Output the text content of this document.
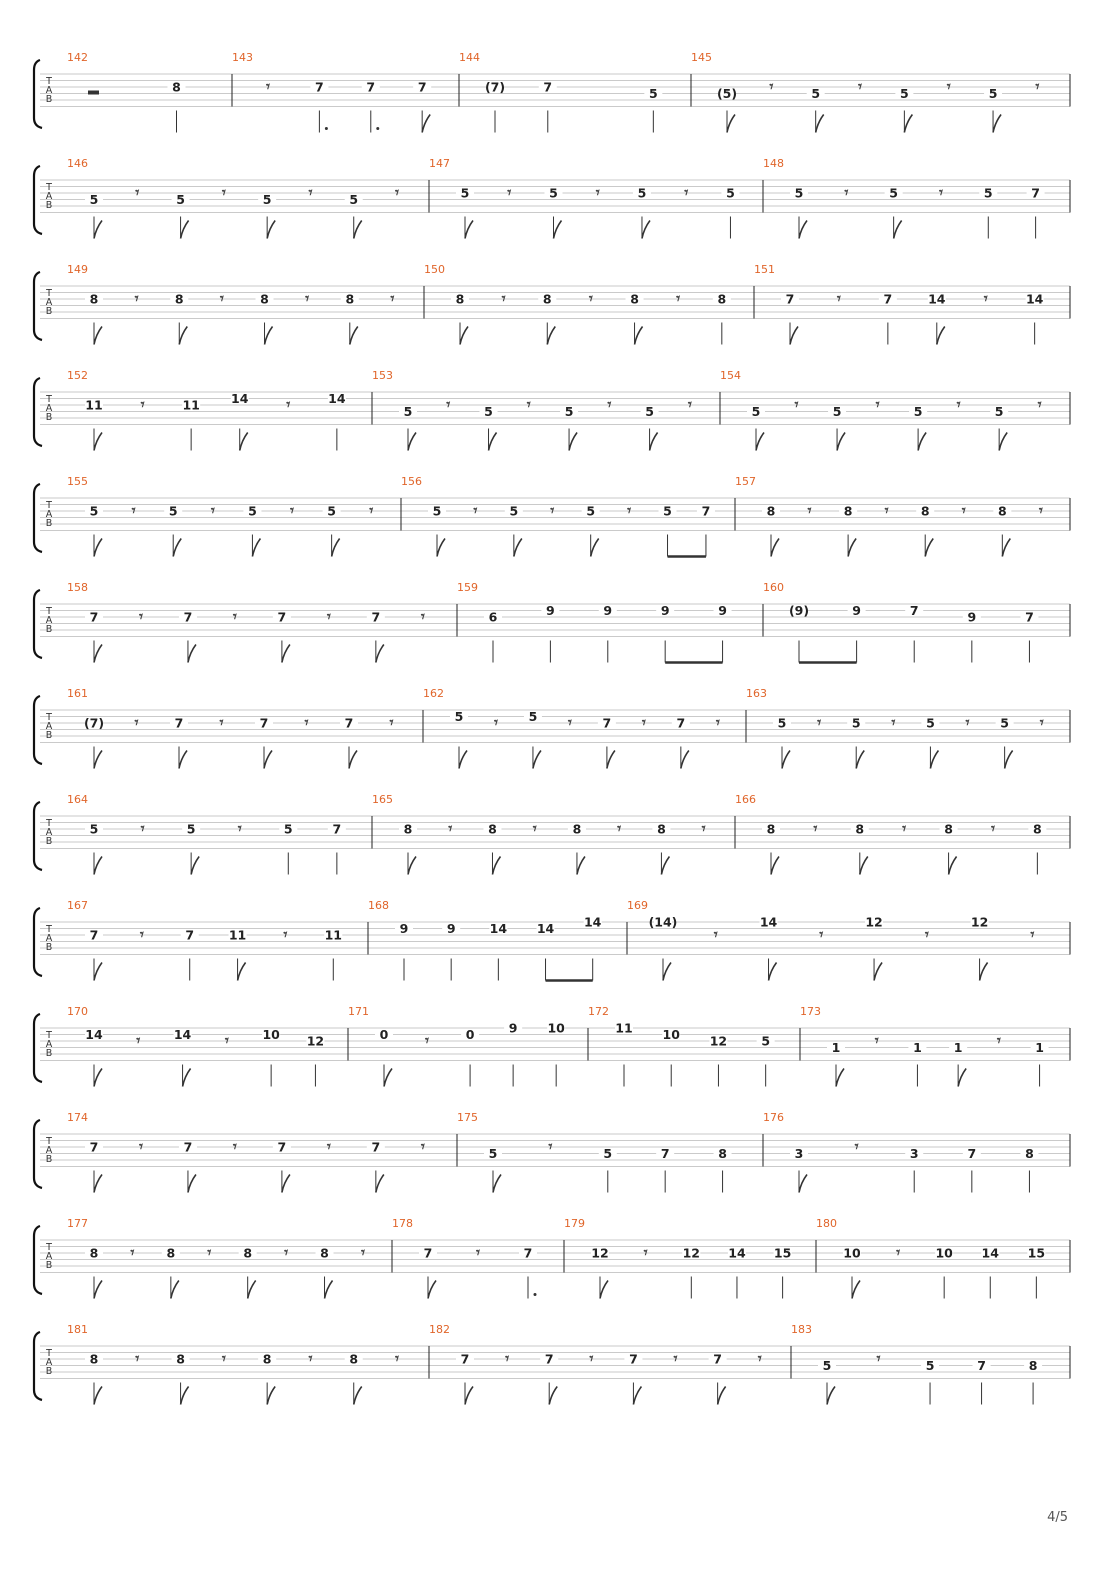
T
A
B
142
8
143
𝄾	7	7	7
144
(7)	7	5
145
(5) 𝄾	5	𝄾	5	𝄾	5	𝄾
T
A
B
146
5 𝄾	5 𝄾	5 𝄾	5 𝄾
147
5	𝄾	5	𝄾	5	𝄾	5
148
5	𝄾	5	𝄾	5	7
T
A
B
149
8 𝄾	8 𝄾	8 𝄾	8 𝄾
150
8 𝄾	8 𝄾	8 𝄾	8
151
7	𝄾	7	14	𝄾	14
T
A
B
152
11	𝄾	11 14	𝄾	14
153
5 𝄾	5 𝄾	5 𝄾	5 𝄾
154
5 𝄾	5 𝄾	5 𝄾	5 𝄾
T
A
B
155
5 𝄾	5 𝄾	5 𝄾	5 𝄾
156
5 𝄾	5 𝄾	5 𝄾	5 7
157
8 𝄾	8 𝄾	8 𝄾	8 𝄾
T
A
B
158
7	𝄾	7	𝄾	7	𝄾	7	𝄾
159
6	9	9	9	9
160
(9)	9	7	9	7
T
A
B
161
(7) 𝄾	7 𝄾	7 𝄾	7 𝄾
162
5 𝄾 5 𝄾 7 𝄾 7 𝄾
163
5 𝄾 5 𝄾 5 𝄾 5 𝄾
T
A
B
164
5	𝄾	5	𝄾	5	7
165
8 𝄾	8 𝄾	8 𝄾	8 𝄾
166
8	𝄾	8	𝄾	8	𝄾	8
T
A
B
167
7	𝄾	7	11 𝄾	11
168
9	9	14 14 14
169
(14)
𝄾
14
𝄾
12
𝄾
12
𝄾
T
A
B
170
14 𝄾	14 𝄾	10 12
171
0 𝄾	0	9 10
172
11 10 12	5
173
1 𝄾	1	1 𝄾	1
T
A
B
174
7	𝄾	7	𝄾	7	𝄾	7	𝄾
175
5	𝄾	5	7	8
176
3	𝄾	3	7	8
T
A
B
177
8 𝄾	8 𝄾	8 𝄾	8 𝄾
178
7	𝄾	7
179
12 𝄾	12 14 15
180
10 𝄾	10 14 15
T
A
B
181
8 𝄾	8 𝄾	8 𝄾	8 𝄾
182
7 𝄾	7 𝄾	7 𝄾	7 𝄾
183
5	𝄾	5	7	8
4/5
